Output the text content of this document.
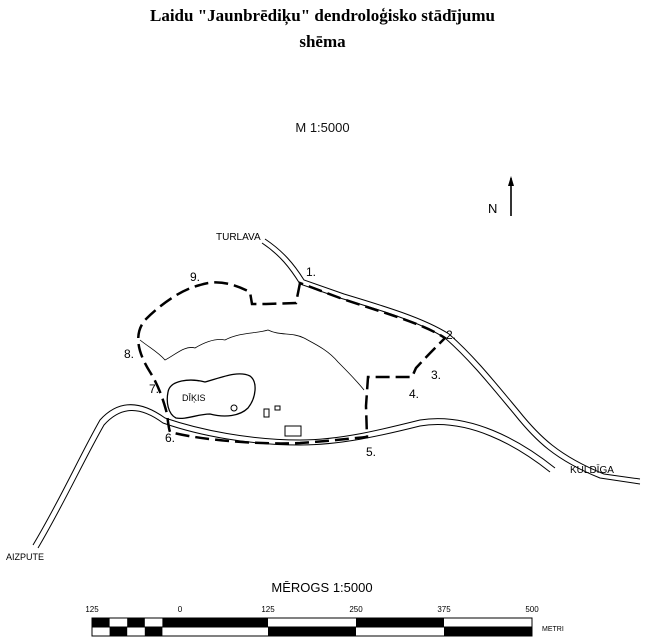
Laidu "Jaunbrēdiķu" dendroloģisko stādījumu
shēma
M 1:5000
N
DĪĶIS
TURLAVA
KULDĪGA
AIZPUTE
1.
2.
3.
4.
5.
6.
7.
8.
9.
MĒROGS 1:5000
125	0	125	250	375	500
METRI
